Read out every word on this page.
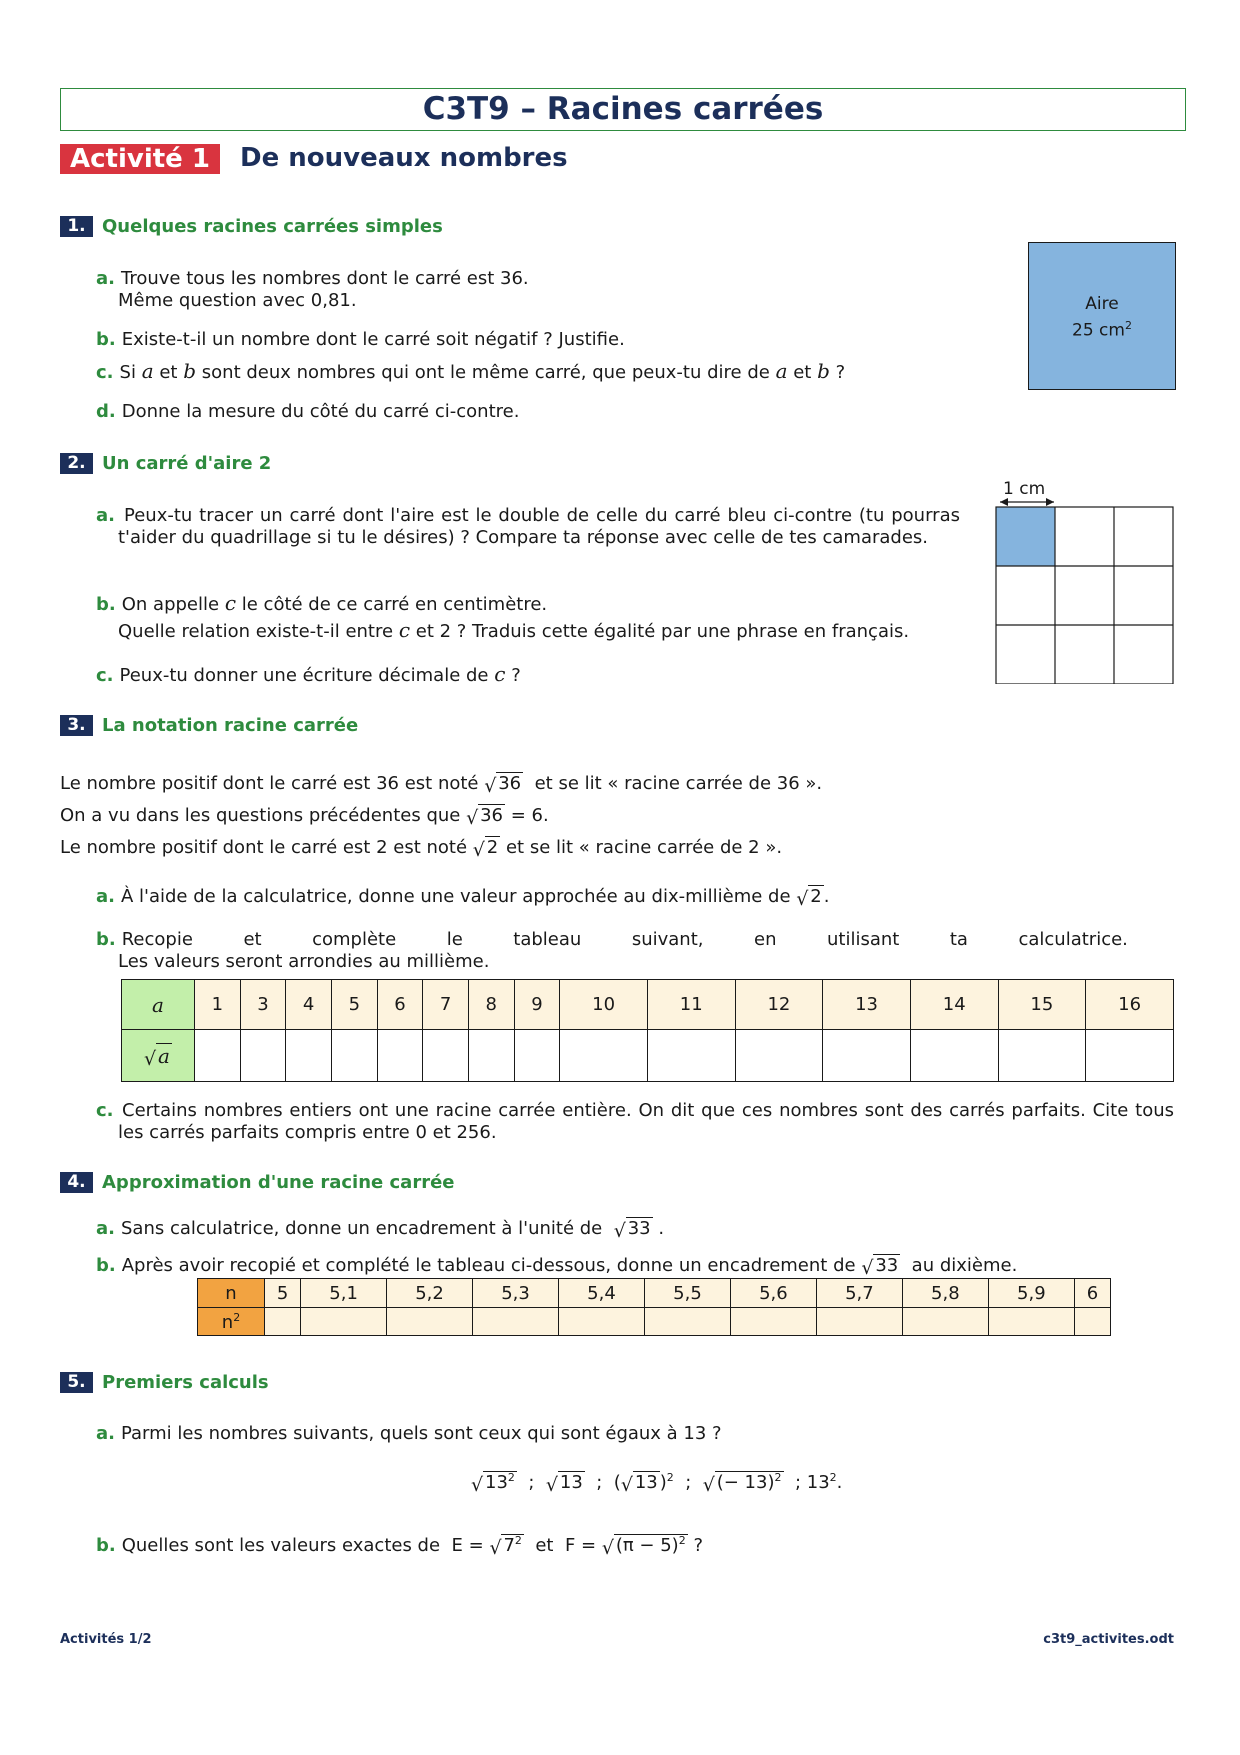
C3T9 – Racines carrées
Activité 1	De nouveaux nombres
1. Quelques racines carrées simples
a. Trouve tous les nombres dont le carré est 36.
Même question avec 0,81.
b. Existe-t-il un nombre dont le carré soit négatif ? Justifie.
c. Si a et b sont deux nombres qui ont le même carré, que peux-tu dire de a et b ?
d. Donne la mesure du côté du carré ci-contre.
Aire
25 $cm^2$
2. Un carré d'aire 2
a. Peux-tu tracer un carré dont l'aire est le double de celle du carré bleu ci-contre (tu pourras t'aider du quadrillage si tu le désires) ? Compare ta réponse avec celle de tes camarades.
b. On appelle c le côté de ce carré en centimètre.
Quelle relation existe-t-il entre c et 2 ? Traduis cette égalité par une phrase en français.
c. Peux-tu donner une écriture décimale de c ?
1 cm
3. La notation racine carrée
Le nombre positif dont le carré est 36 est noté √ 36 et se lit « racine carrée de 36 ».
On a vu dans les questions précédentes que √ 36 = 6.
Le nombre positif dont le carré est 2 est noté √ 2 et se lit « racine carrée de 2 ».
a. À l'aide de la calculatrice, donne une valeur approchée au dix-millième de √ 2 .
b. Recopie	et	complète	le	tableau	suivant,	en	utilisant	ta	calculatrice.
Les valeurs seront arrondies au millième.
a	1	3	4	5	6	7	8	9	10	11	12	13	14	15	16

√ a															
c. Certains nombres entiers ont une racine carrée entière. On dit que ces nombres sont des carrés parfaits. Cite tous les carrés parfaits compris entre 0 et 256.
4. Approximation d'une racine carrée
a. Sans calculatrice, donne un encadrement à l'unité de √ 33 .
b. Après avoir recopié et complété le tableau ci-dessous, donne un encadrement de √ 33 au dixième.
n	5	5,1	5,2	5,3	5,4	5,5	5,6	5,7	5,8	5,9	6
$n^2$											
5. Premiers calculs
a. Parmi les nombres suivants, quels sont ceux qui sont égaux à 13 ?
√ $13^2$ ; √ 13 ; ( √ 13 )$^2$ ; √ (− 13)$^2$ ; $13^2$.
b. Quelles sont les valeurs exactes de E = √ $7^2$ et F = √ $(\pi - 5)^2$ ?
Activités 1/2	c3t9_activites.odt
